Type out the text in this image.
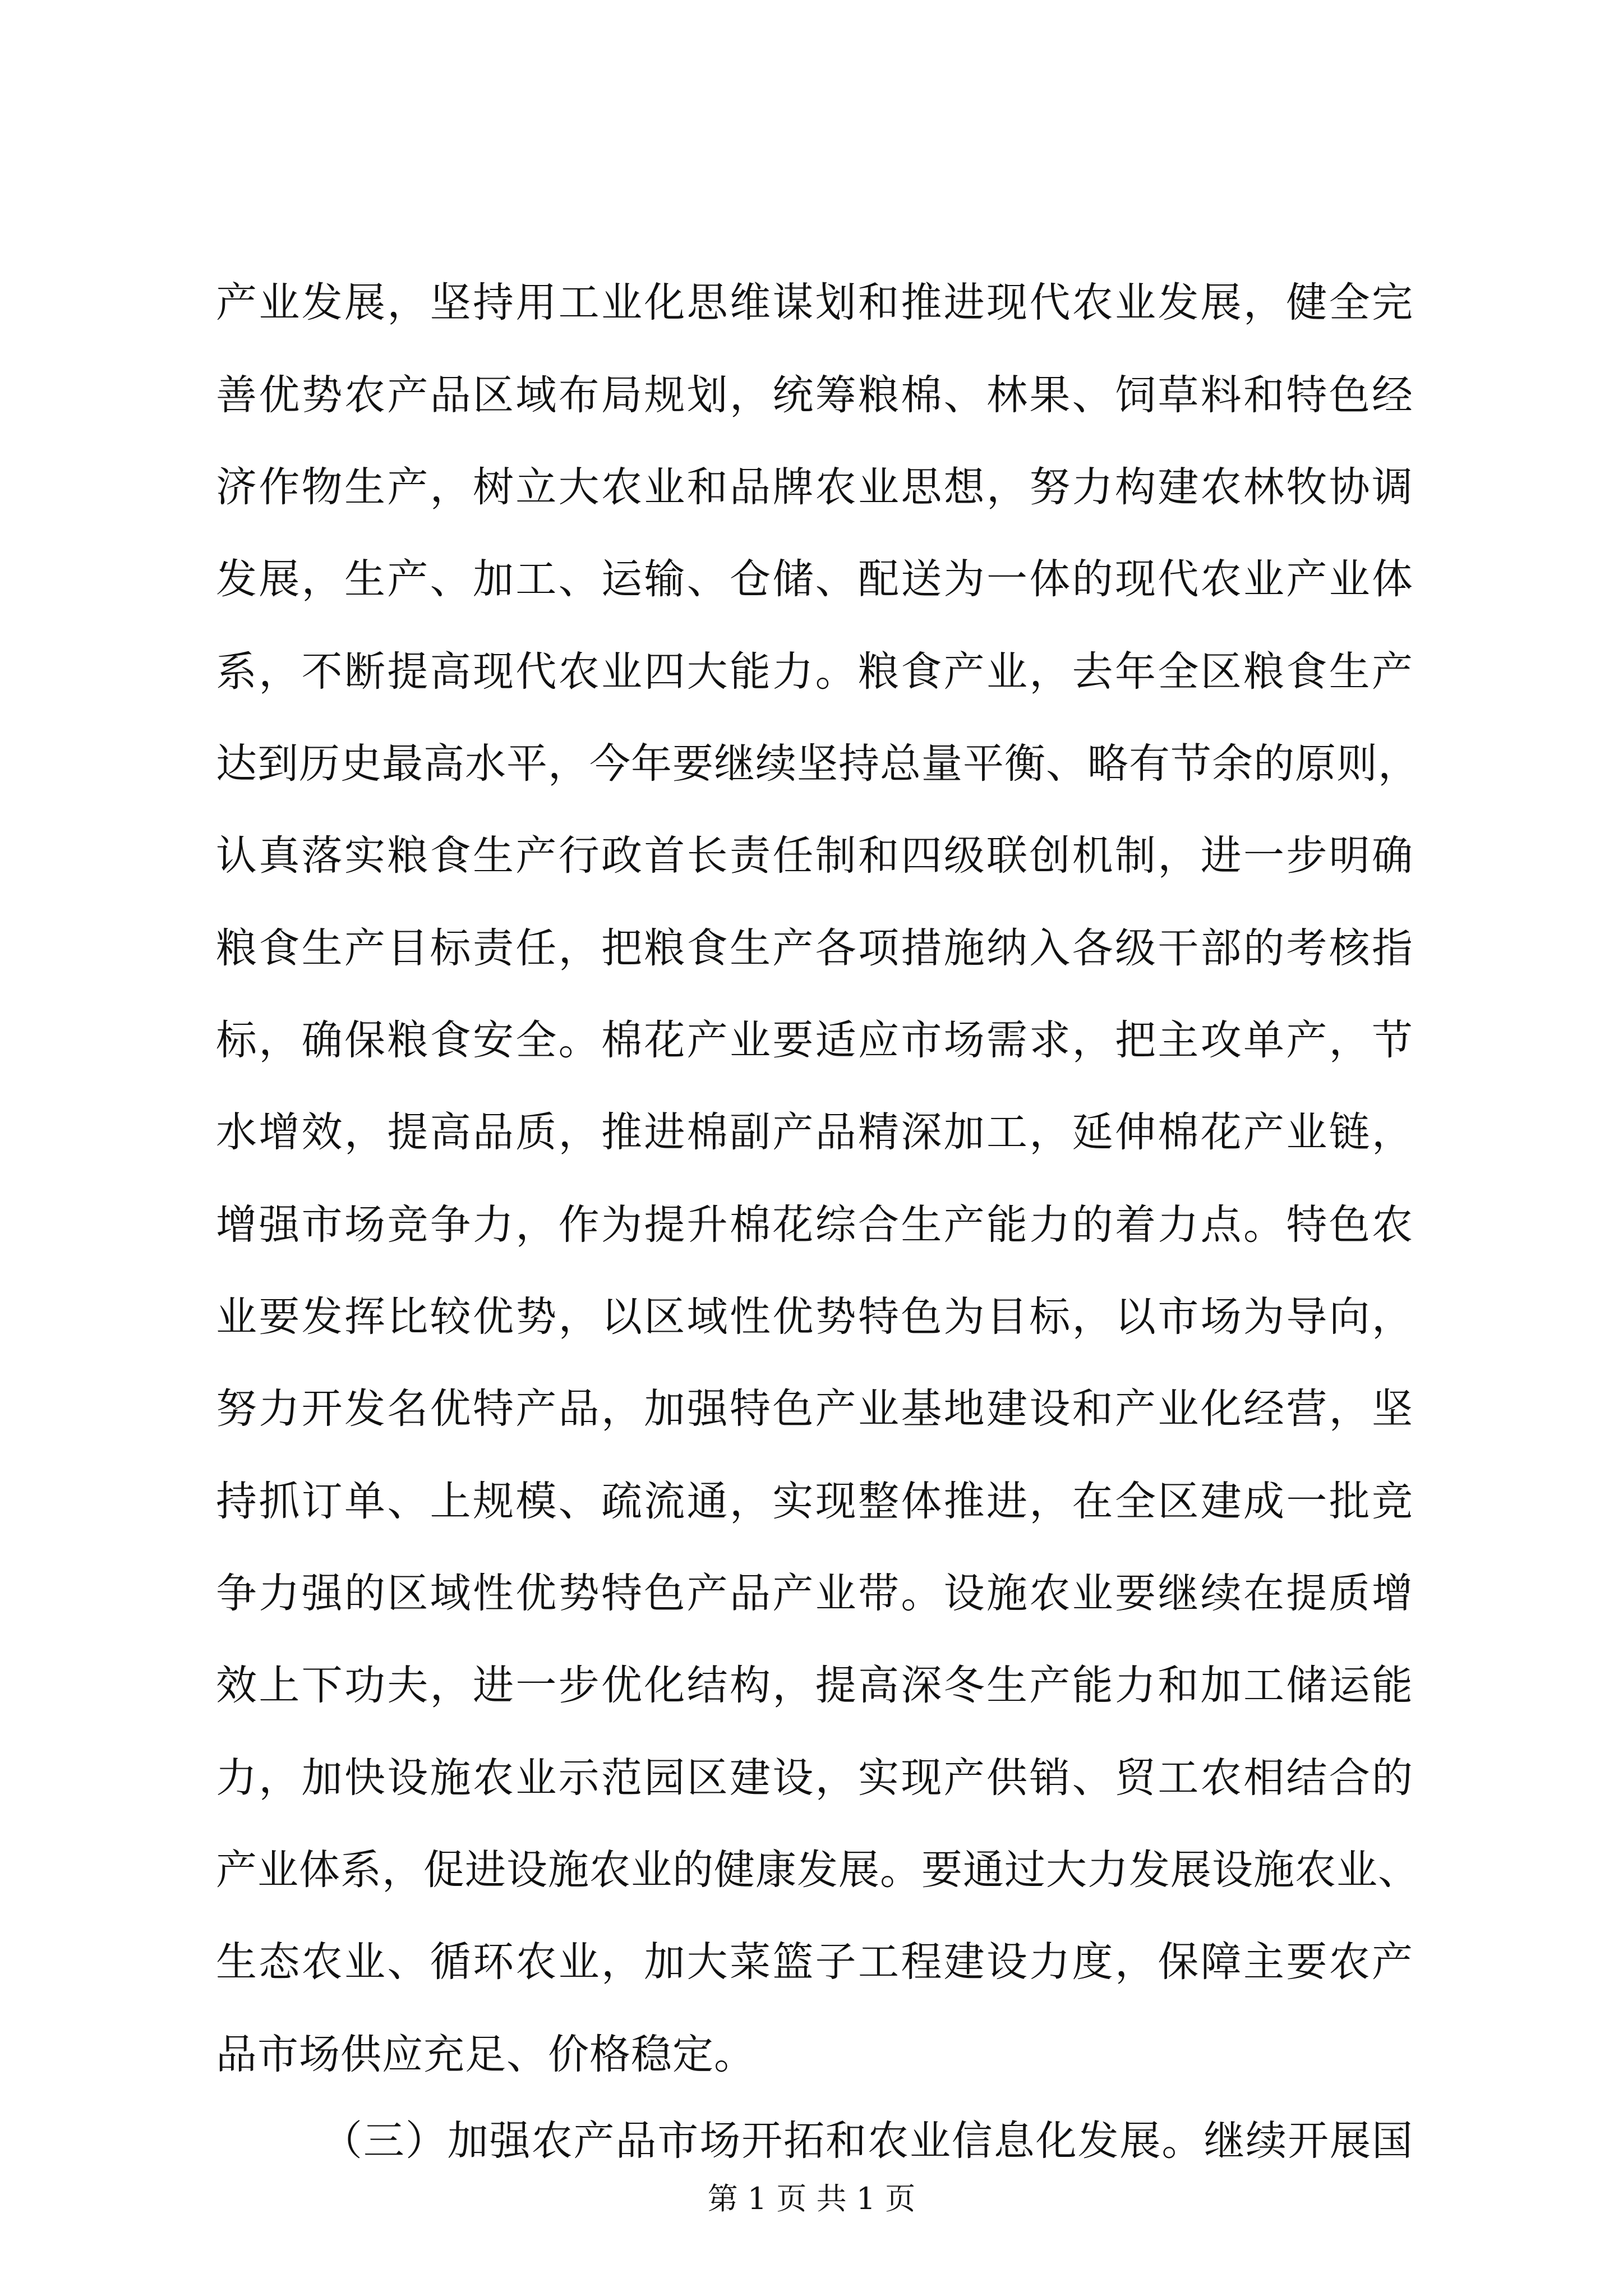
产业发展，坚持用工业化思维谋划和推进现代农业发展，健全完
善优势农产品区域布局规划，统筹粮棉、林果、饲草料和特色经
济作物生产，树立大农业和品牌农业思想，努力构建农林牧协调
发展，生产、加工、运输、仓储、配送为一体的现代农业产业体
系，不断提高现代农业四大能力。粮食产业，去年全区粮食生产
达到历史最高水平，今年要继续坚持总量平衡、略有节余的原则，
认真落实粮食生产行政首长责任制和四级联创机制，进一步明确
粮食生产目标责任，把粮食生产各项措施纳入各级干部的考核指
标，确保粮食安全。棉花产业要适应市场需求，把主攻单产，节
水增效，提高品质，推进棉副产品精深加工，延伸棉花产业链，
增强市场竞争力，作为提升棉花综合生产能力的着力点。特色农
业要发挥比较优势，以区域性优势特色为目标，以市场为导向，
努力开发名优特产品，加强特色产业基地建设和产业化经营，坚
持抓订单、上规模、疏流通，实现整体推进，在全区建成一批竞
争力强的区域性优势特色产品产业带。设施农业要继续在提质增
效上下功夫，进一步优化结构，提高深冬生产能力和加工储运能
力，加快设施农业示范园区建设，实现产供销、贸工农相结合的
产业体系，促进设施农业的健康发展。要通过大力发展设施农业、
生态农业、循环农业，加大菜篮子工程建设力度，保障主要农产
品市场供应充足、价格稳定。
（三）加强农产品市场开拓和农业信息化发展。继续开展国
第 1 页 共 1 页
